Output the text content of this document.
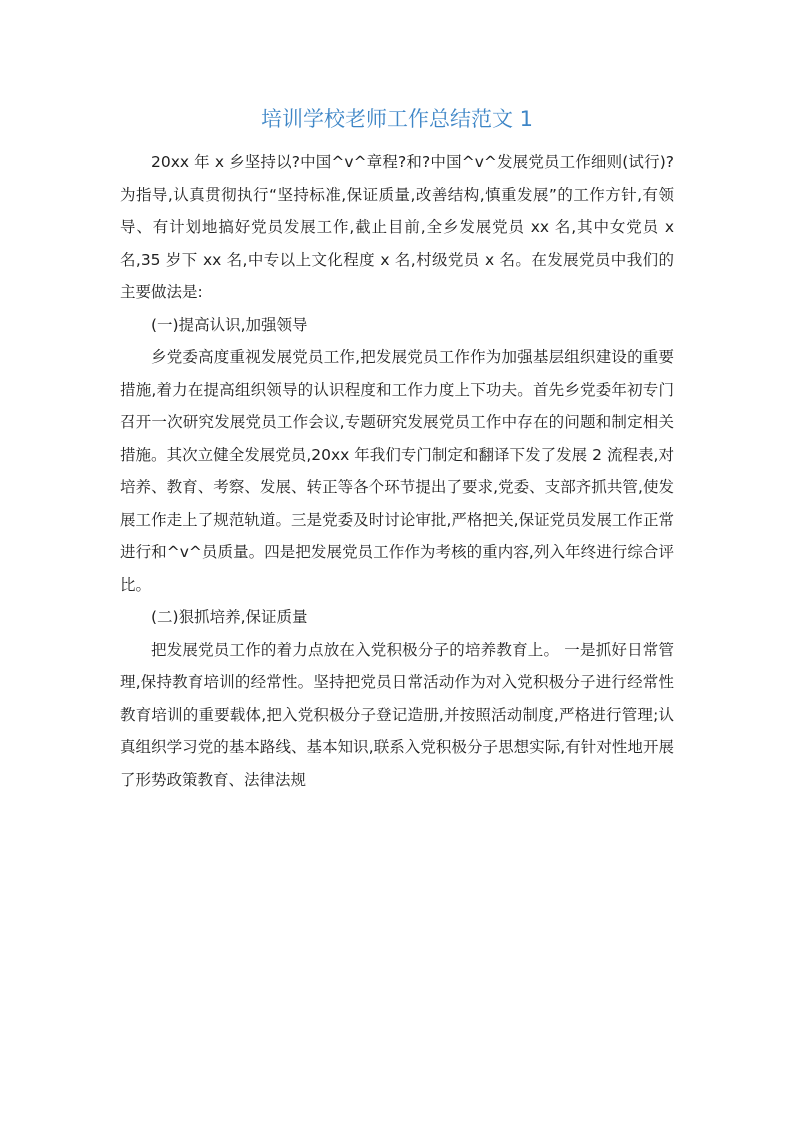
培训学校老师工作总结范文 1

20xx 年 x 乡坚持以?中国^v^章程?和?中国^v^发展党员工作细则(试行)?为指导,认真贯彻执行“坚持标准,保证质量,改善结构,慎重发展”的工作方针,有领导、有计划地搞好党员发展工作,截止目前,全乡发展党员 xx 名,其中女党员 x 名,35 岁下 xx 名,中专以上文化程度 x 名,村级党员 x 名。在发展党员中我们的主要做法是:

(一)提高认识,加强领导

乡党委高度重视发展党员工作,把发展党员工作作为加强基层组织建设的重要措施,着力在提高组织领导的认识程度和工作力度上下功夫。首先乡党委年初专门召开一次研究发展党员工作会议,专题研究发展党员工作中存在的问题和制定相关措施。其次立健全发展党员,20xx 年我们专门制定和翻译下发了发展 2 流程表,对培养、教育、考察、发展、转正等各个环节提出了要求,党委、支部齐抓共管,使发展工作走上了规范轨道。三是党委及时讨论审批,严格把关,保证党员发展工作正常进行和^v^员质量。四是把发展党员工作作为考核的重内容,列入年终进行综合评比。

(二)狠抓培养,保证质量

把发展党员工作的着力点放在入党积极分子的培养教育上。 一是抓好日常管理,保持教育培训的经常性。坚持把党员日常活动作为对入党积极分子进行经常性教育培训的重要载体,把入党积极分子登记造册,并按照活动制度,严格进行管理;认真组织学习党的基本路线、基本知识,联系入党积极分子思想实际,有针对性地开展了形势政策教育、法律法规
